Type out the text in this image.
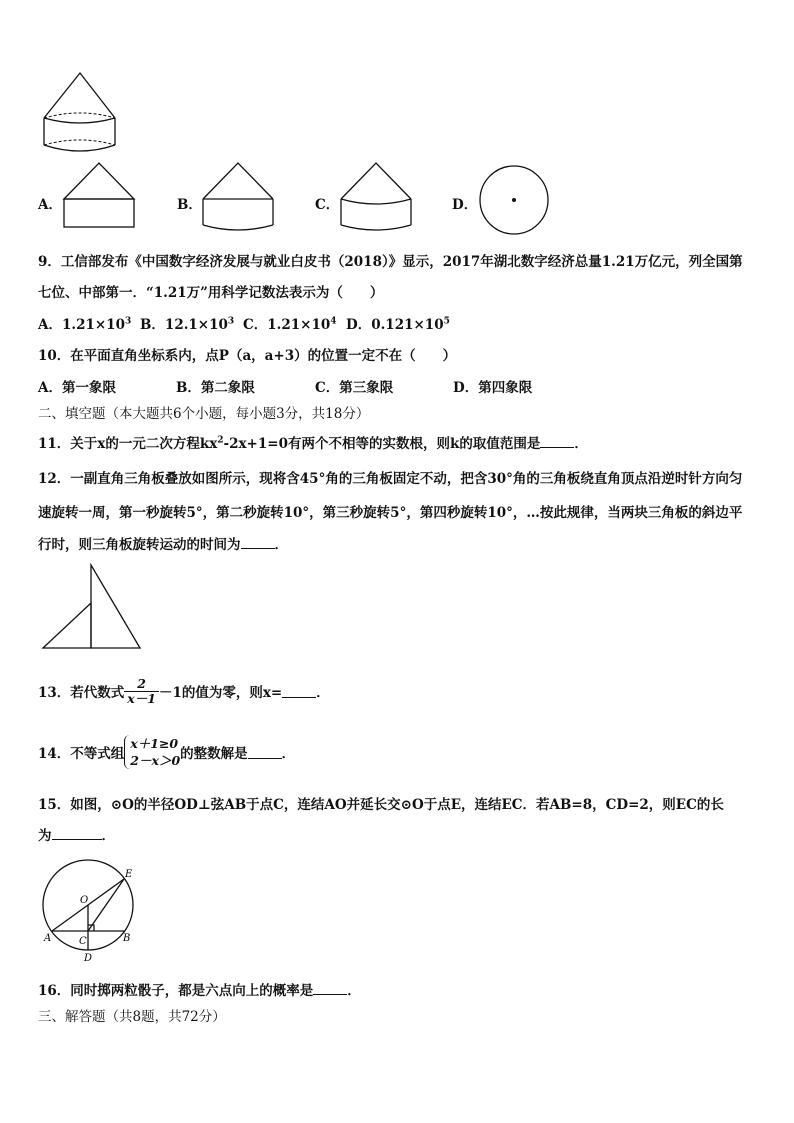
A．	B．	C．	D．
9．工信部发布《中国数字经济发展与就业白皮书（2018）》显示，2017年湖北数字经济总量1.21万亿元，列全国第
七位、中部第一．“1.21万”用科学记数法表示为（　　）
A．$1.21\times 10^3$ B．$12.1\times 10^3$ C．$1.21\times 10^4$ D．$0.121\times 10^5$
10．在平面直角坐标系内，点P（a，a+3）的位置一定不在（　　）
A．第一象限	B．第二象限	C．第三象限	D．第四象限
二、填空题（本大题共6个小题，每小题3分，共18分）
11．关于x的一元二次方程$kx^2-2x+1=0$有两个不相等的实数根，则k的取值范围是	．
12．一副直角三角板叠放如图所示，现将含45°角的三角板固定不动，把含30°角的三角板绕直角顶点沿逆时针方向匀
速旋转一周，第一秒旋转5°，第二秒旋转10°，第三秒旋转5°，第四秒旋转10°，…按此规律，当两块三角板的斜边平
行时，则三角板旋转运动的时间为	．
13．若代数式 $\frac{2}{x-1} -1$的值为零，则x=	．
14．不等式组
x＋1≥0
2－x＞0 的整数解是	．
15．如图，⊙O的半径OD⊥弦AB于点C，连结AO并延长交⊙O于点E，连结EC．若AB=8，CD=2，则EC的长
为	．
O
E
A	B
C
D
16．同时掷两粒骰子，都是六点向上的概率是	．
三、解答题（共8题，共72分）
